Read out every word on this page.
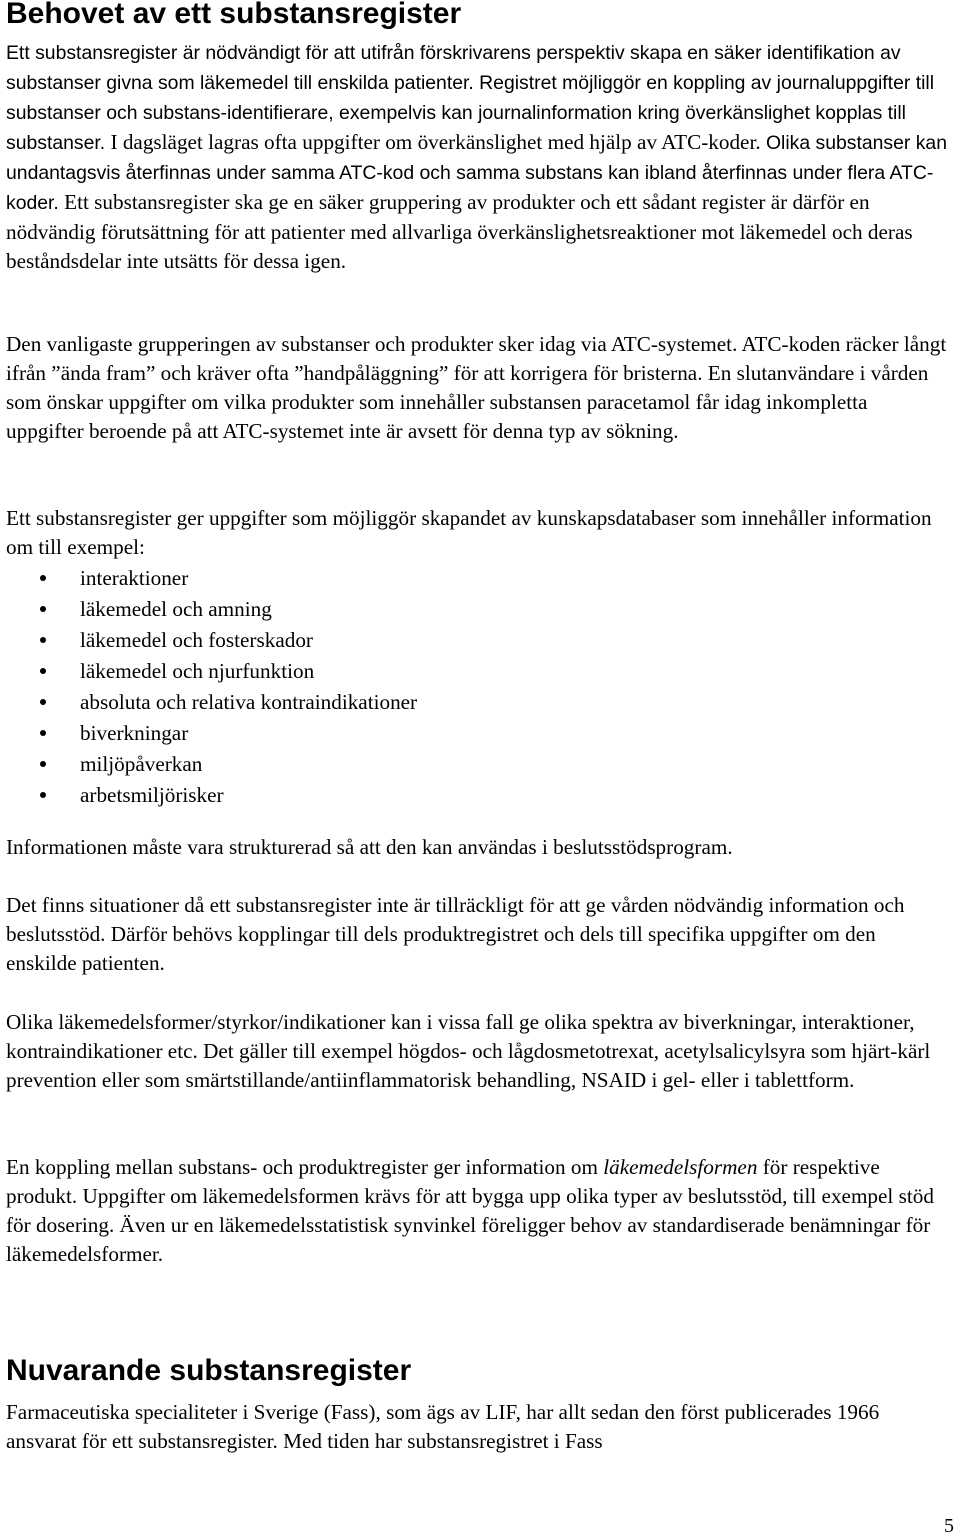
Behovet av ett substansregister

Ett substansregister är nödvändigt för att utifrån förskrivarens perspektiv skapa en säker identifikation av substanser givna som läkemedel till enskilda patienter. Registret möjliggör en koppling av journaluppgifter till substanser och substans-identifierare, exempelvis kan journalinformation kring överkänslighet kopplas till substanser. I dagsläget lagras ofta uppgifter om överkänslighet med hjälp av ATC-koder. Olika substanser kan undantagsvis återfinnas under samma ATC-kod och samma substans kan ibland återfinnas under flera ATC-koder. Ett substansregister ska ge en säker gruppering av produkter och ett sådant register är därför en nödvändig förutsättning för att patienter med allvarliga överkänslighetsreaktioner mot läkemedel och deras beståndsdelar inte utsätts för dessa igen.

Den vanligaste grupperingen av substanser och produkter sker idag via ATC-systemet. ATC-koden räcker långt ifrån ”ända fram” och kräver ofta ”handpåläggning” för att korrigera för bristerna. En slutanvändare i vården som önskar uppgifter om vilka produkter som innehåller substansen paracetamol får idag inkompletta uppgifter beroende på att ATC-systemet inte är avsett för denna typ av sökning.

Ett substansregister ger uppgifter som möjliggör skapandet av kunskapsdatabaser som innehåller information om till exempel:

interaktioner
läkemedel och amning
läkemedel och fosterskador
läkemedel och njurfunktion
absoluta och relativa kontraindikationer
biverkningar
miljöpåverkan
arbetsmiljörisker

Informationen måste vara strukturerad så att den kan användas i beslutsstödsprogram.

Det finns situationer då ett substansregister inte är tillräckligt för att ge vården nödvändig information och beslutsstöd. Därför behövs kopplingar till dels produktregistret och dels till specifika uppgifter om den enskilde patienten.

Olika läkemedelsformer/styrkor/indikationer kan i vissa fall ge olika spektra av biverkningar, interaktioner, kontraindikationer etc. Det gäller till exempel högdos- och lågdosmetotrexat, acetylsalicylsyra som hjärt-kärl prevention eller som smärtstillande/antiinflammatorisk behandling, NSAID i gel- eller i tablettform.

En koppling mellan substans- och produktregister ger information om läkemedelsformen för respektive produkt. Uppgifter om läkemedelsformen krävs för att bygga upp olika typer av beslutsstöd, till exempel stöd för dosering. Även ur en läkemedelsstatistisk synvinkel föreligger behov av standardiserade benämningar för läkemedelsformer.

Nuvarande substansregister

Farmaceutiska specialiteter i Sverige (Fass), som ägs av LIF, har allt sedan den först publicerades 1966 ansvarat för ett substansregister. Med tiden har substansregistret i Fass

5
